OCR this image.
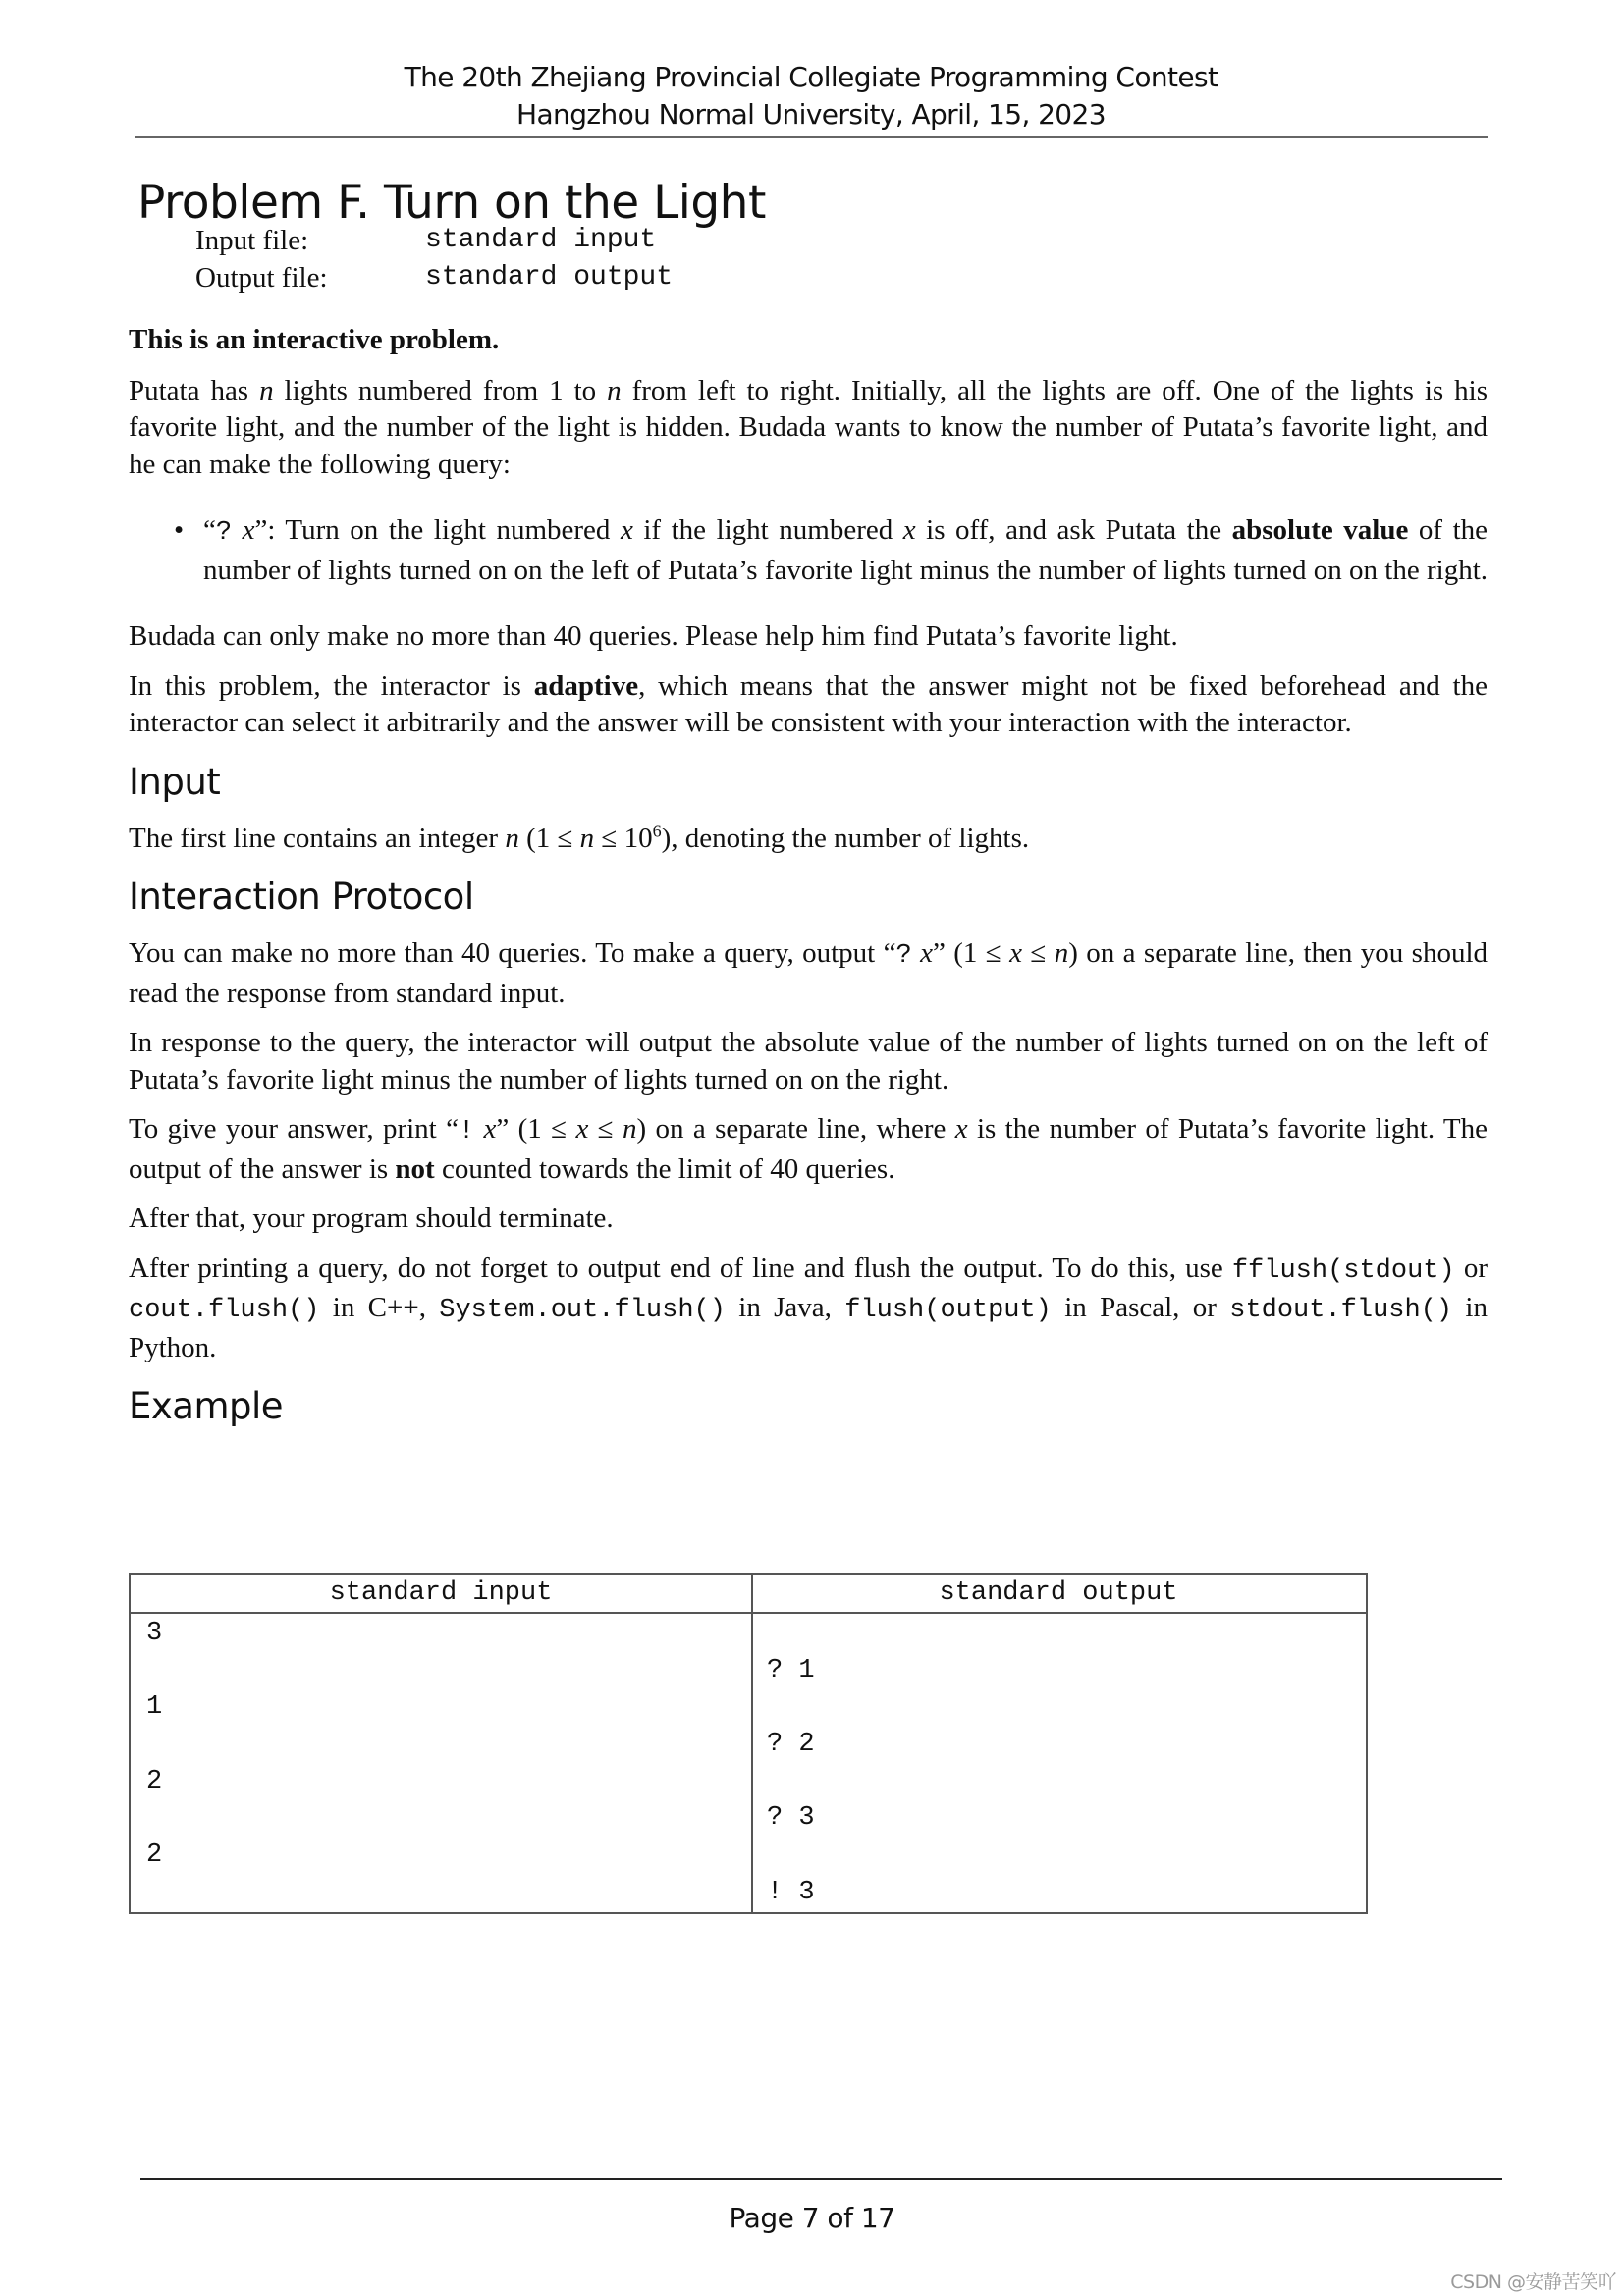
The 20th Zhejiang Provincial Collegiate Programming Contest
Hangzhou Normal University, April, 15, 2023
Problem F. Turn on the Light
Input file:	standard input
Output file:	standard output

This is an interactive problem.

Putata has n lights numbered from 1 to n from left to right. Initially, all the lights are off. One of the lights is his favorite light, and the number of the light is hidden. Budada wants to know the number of Putata’s favorite light, and he can make the following query:

• “? x”: Turn on the light numbered x if the light numbered x is off, and ask Putata the absolute value of the number of lights turned on on the left of Putata’s favorite light minus the number of lights turned on on the right.

Budada can only make no more than 40 queries. Please help him find Putata’s favorite light.

In this problem, the interactor is adaptive, which means that the answer might not be fixed beforehead and the interactor can select it arbitrarily and the answer will be consistent with your interaction with the interactor.

Input

The first line contains an integer n $(1 \le n \le 10^6)$, denoting the number of lights.

Interaction Protocol

You can make no more than 40 queries. To make a query, output “? x” (1 ≤ x ≤ n) on a separate line, then you should read the response from standard input.

In response to the query, the interactor will output the absolute value of the number of lights turned on on the left of Putata’s favorite light minus the number of lights turned on on the right.

To give your answer, print “! x” (1 ≤ x ≤ n) on a separate line, where x is the number of Putata’s favorite light. The output of the answer is not counted towards the limit of 40 queries.

After that, your program should terminate.

After printing a query, do not forget to output end of line and flush the output. To do this, use fflush(stdout) or cout.flush() in C++, System.out.flush() in Java, flush(output) in Pascal, or stdout.flush() in Python.

Example
standard input
3
1
2
2
standard output
? 1
? 2
? 3
! 3
Page 7 of 17
CSDN @安静苦笑吖
